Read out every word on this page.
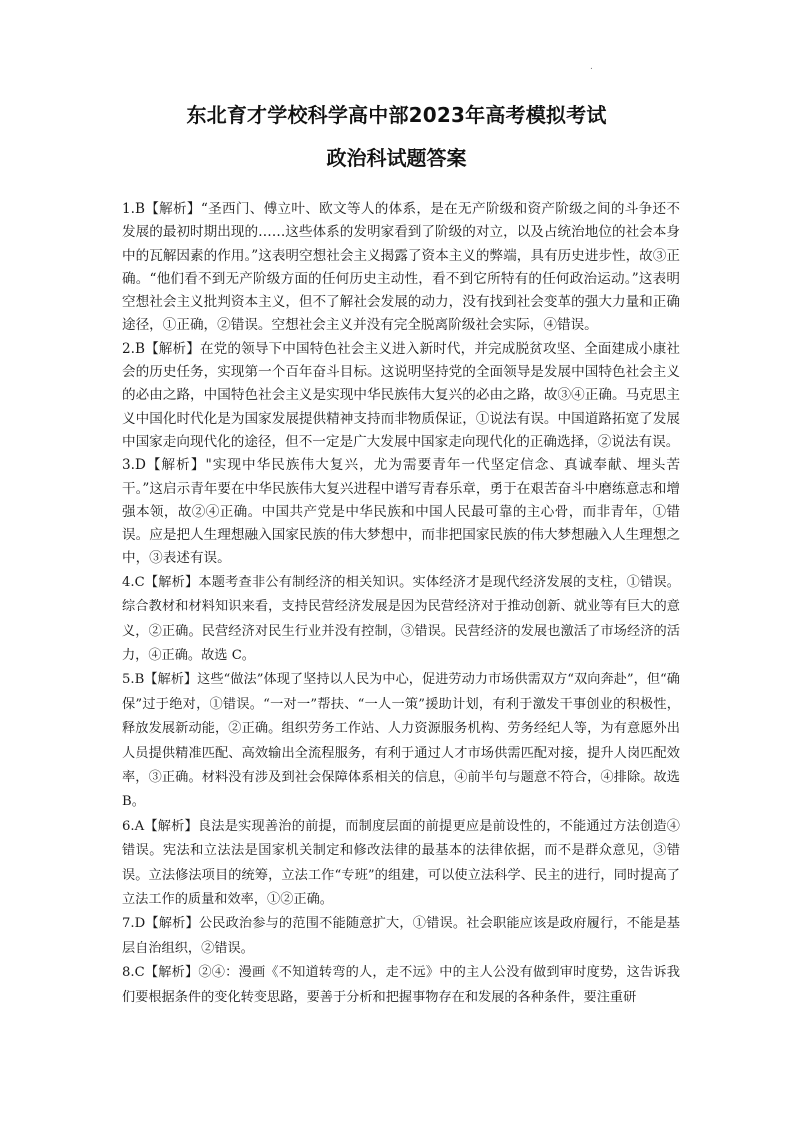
.
东北育才学校科学高中部2023年高考模拟考试
政治科试题答案

1.B【解析】“圣西门、傅立叶、欧文等人的体系，是在无产阶级和资产阶级之间的斗争还不发展的最初时期出现的……这些体系的发明家看到了阶级的对立，以及占统治地位的社会本身中的瓦解因素的作用。”这表明空想社会主义揭露了资本主义的弊端，具有历史进步性，故③正确。“他们看不到无产阶级方面的任何历史主动性，看不到它所特有的任何政治运动。”这表明空想社会主义批判资本主义，但不了解社会发展的动力，没有找到社会变革的强大力量和正确途径，①正确，②错误。空想社会主义并没有完全脱离阶级社会实际，④错误。

2.B【解析】在党的领导下中国特色社会主义进入新时代，并完成脱贫攻坚、全面建成小康社会的历史任务，实现第一个百年奋斗目标。这说明坚持党的全面领导是发展中国特色社会主义的必由之路，中国特色社会主义是实现中华民族伟大复兴的必由之路，故③④正确。马克思主义中国化时代化是为国家发展提供精神支持而非物质保证，①说法有误。中国道路拓宽了发展中国家走向现代化的途径，但不一定是广大发展中国家走向现代化的正确选择，②说法有误。

3.D【解析】"实现中华民族伟大复兴，尤为需要青年一代坚定信念、真诚奉献、埋头苦干。”这启示青年要在中华民族伟大复兴进程中谱写青春乐章，勇于在艰苦奋斗中磨练意志和增强本领，故②④正确。中国共产党是中华民族和中国人民最可靠的主心骨，而非青年，①错误。应是把人生理想融入国家民族的伟大梦想中，而非把国家民族的伟大梦想融入人生理想之中，③表述有误。

4.C【解析】本题考查非公有制经济的相关知识。实体经济才是现代经济发展的支柱，①错误。综合教材和材料知识来看，支持民营经济发展是因为民营经济对于推动创新、就业等有巨大的意义，②正确。民营经济对民生行业并没有控制，③错误。民营经济的发展也激活了市场经济的活力，④正确。故选 C。

5.B【解析】这些“做法”体现了坚持以人民为中心，促进劳动力市场供需双方“双向奔赴”，但“确保”过于绝对，①错误。“一对一”帮扶、“一人一策”援助计划，有利于激发干事创业的积极性，释放发展新动能，②正确。组织劳务工作站、人力资源服务机构、劳务经纪人等，为有意愿外出人员提供精准匹配、高效输出全流程服务，有利于通过人才市场供需匹配对接，提升人岗匹配效率，③正确。材料没有涉及到社会保障体系相关的信息，④前半句与题意不符合，④排除。故选 B。

6.A【解析】良法是实现善治的前提，而制度层面的前提更应是前设性的，不能通过方法创造④错误。宪法和立法法是国家机关制定和修改法律的最基本的法律依据，而不是群众意见，③错误。立法修法项目的统筹，立法工作“专班”的组建，可以使立法科学、民主的进行，同时提高了立法工作的质量和效率，①②正确。

7.D【解析】公民政治参与的范围不能随意扩大，①错误。社会职能应该是政府履行，不能是基层自治组织，②错误。

8.C【解析】②④：漫画《不知道转弯的人，走不远》中的主人公没有做到审时度势，这告诉我们要根据条件的变化转变思路，要善于分析和把握事物存在和发展的各种条件，要注重研
